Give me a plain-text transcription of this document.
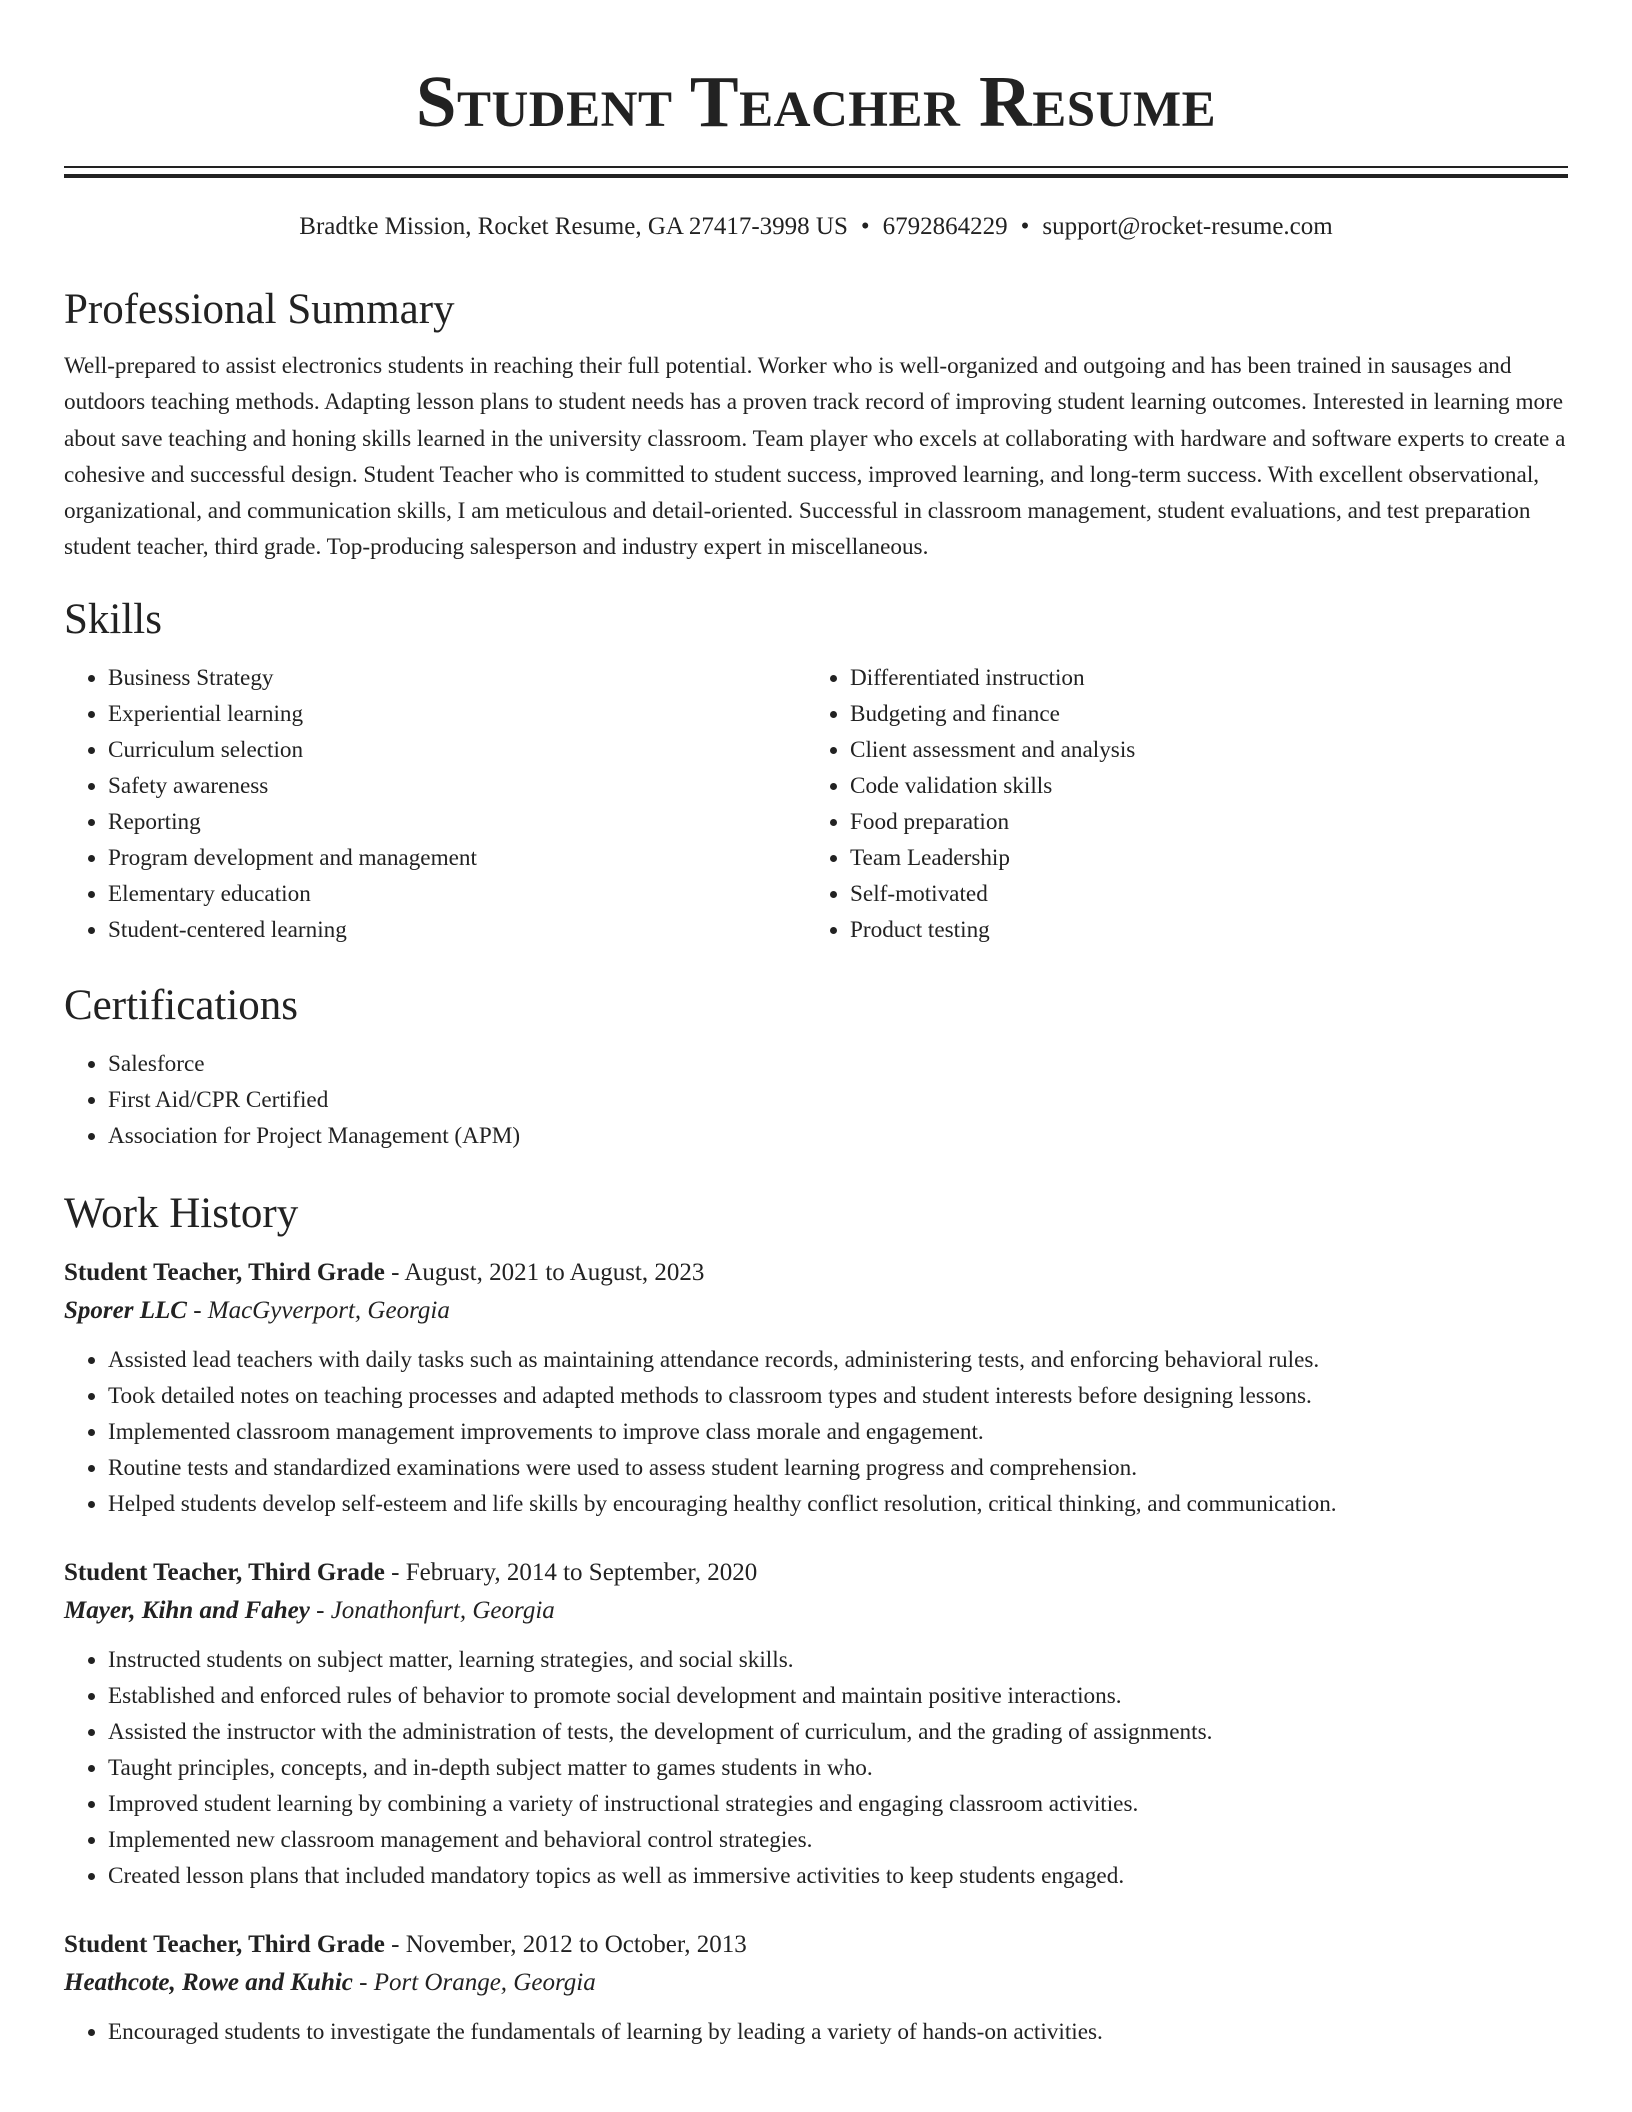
Student Teacher Resume
Bradtke Mission, Rocket Resume, GA 27417-3998 US • 6792864229 • support@rocket-resume.com
Professional Summary

Well-prepared to assist electronics students in reaching their full potential. Worker who is well-organized and outgoing and has been trained in sausages and outdoors teaching methods. Adapting lesson plans to student needs has a proven track record of improving student learning outcomes. Interested in learning more about save teaching and honing skills learned in the university classroom. Team player who excels at collaborating with hardware and software experts to create a cohesive and successful design. Student Teacher who is committed to student success, improved learning, and long-term success. With excellent observational, organizational, and communication skills, I am meticulous and detail-oriented. Successful in classroom management, student evaluations, and test preparation student teacher, third grade. Top-producing salesperson and industry expert in miscellaneous.

Skills
• Business Strategy
• Experiential learning
• Curriculum selection
• Safety awareness
• Reporting
• Program development and management
• Elementary education
• Student-centered learning
• Differentiated instruction
• Budgeting and finance
• Client assessment and analysis
• Code validation skills
• Food preparation
• Team Leadership
• Self-motivated
• Product testing
Certifications
• Salesforce
• First Aid/CPR Certified
• Association for Project Management (APM)
Work History
Student Teacher, Third Grade - August, 2021 to August, 2023
Sporer LLC - MacGyverport, Georgia
• Assisted lead teachers with daily tasks such as maintaining attendance records, administering tests, and enforcing behavioral rules.
• Took detailed notes on teaching processes and adapted methods to classroom types and student interests before designing lessons.
• Implemented classroom management improvements to improve class morale and engagement.
• Routine tests and standardized examinations were used to assess student learning progress and comprehension.
• Helped students develop self-esteem and life skills by encouraging healthy conflict resolution, critical thinking, and communication.
Student Teacher, Third Grade - February, 2014 to September, 2020
Mayer, Kihn and Fahey - Jonathonfurt, Georgia
• Instructed students on subject matter, learning strategies, and social skills.
• Established and enforced rules of behavior to promote social development and maintain positive interactions.
• Assisted the instructor with the administration of tests, the development of curriculum, and the grading of assignments.
• Taught principles, concepts, and in-depth subject matter to games students in who.
• Improved student learning by combining a variety of instructional strategies and engaging classroom activities.
• Implemented new classroom management and behavioral control strategies.
• Created lesson plans that included mandatory topics as well as immersive activities to keep students engaged.
Student Teacher, Third Grade - November, 2012 to October, 2013
Heathcote, Rowe and Kuhic - Port Orange, Georgia
• Encouraged students to investigate the fundamentals of learning by leading a variety of hands-on activities.
